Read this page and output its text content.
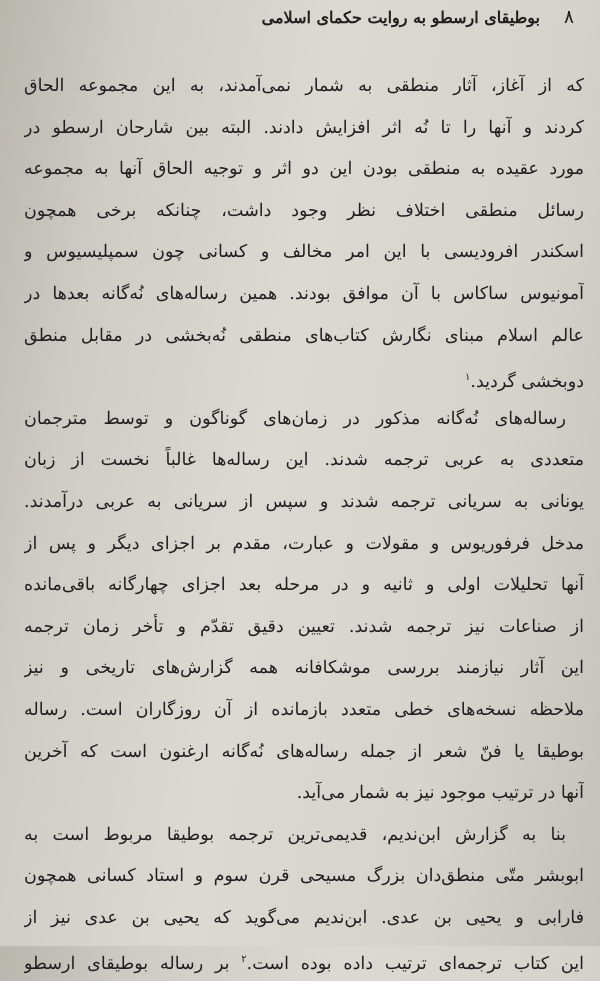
۸
بوطیقای ارسطو به روایت حکمای اسلامی

که از آغاز، آثار منطقی به شمار نمی‌آمدند، به این مجموعه الحاق
کردند و آنها را تا نُه اثر افزایش دادند. البته بین شارحان ارسطو در
مورد عقیده به منطقی بودن این دو اثر و توجیه الحاق آنها به مجموعه
رسائل منطقی اختلاف نظر وجود داشت، چنانکه برخی همچون
اسکندر افرودیسی با این امر مخالف و کسانی چون سمپلیسیوس و
آمونیوس ساکاس با آن موافق بودند. همین رساله‌های نُه‌گانه بعدها در
عالم اسلام مبنای نگارش کتاب‌های منطقی نُه‌بخشی در مقابل منطق
دوبخشی گردید.$^۱$

رساله‌های نُه‌گانه مذکور در زمان‌های گوناگون و توسط مترجمان
متعددی به عربی ترجمه شدند. این رساله‌ها غالباً نخست از زبان
یونانی به سریانی ترجمه شدند و سپس از سریانی به عربی درآمدند.
مدخل فرفوریوس و مقولات و عبارت، مقدم بر اجزای دیگر و پس از
آنها تحلیلات اولی و ثانیه و در مرحله بعد اجزای چهارگانه باقی‌مانده
از صناعات نیز ترجمه شدند. تعیین دقیق تقدّم و تأخر زمان ترجمه
این آثار نیازمند بررسی موشکافانه همه گزارش‌های تاریخی و نیز
ملاحظه نسخه‌های خطی متعدد بازمانده از آن روزگاران است. رساله
بوطیقا یا فنّ شعر از جمله رساله‌های نُه‌گانه ارغنون است که آخرین
آنها در ترتیب موجود نیز به شمار می‌آید.

بنا به گزارش ابن‌ندیم، قدیمی‌ترین ترجمه بوطیقا مربوط است به
ابوبشر متّی منطق‌دان بزرگ مسیحی قرن سوم و استاد کسانی همچون
فارابی و یحیی بن عدی. ابن‌ندیم می‌گوید که یحیی بن عدی نیز از
این کتاب ترجمه‌ای ترتیب داده بوده است.$^۲$ بر رساله بوطیقای ارسطو
